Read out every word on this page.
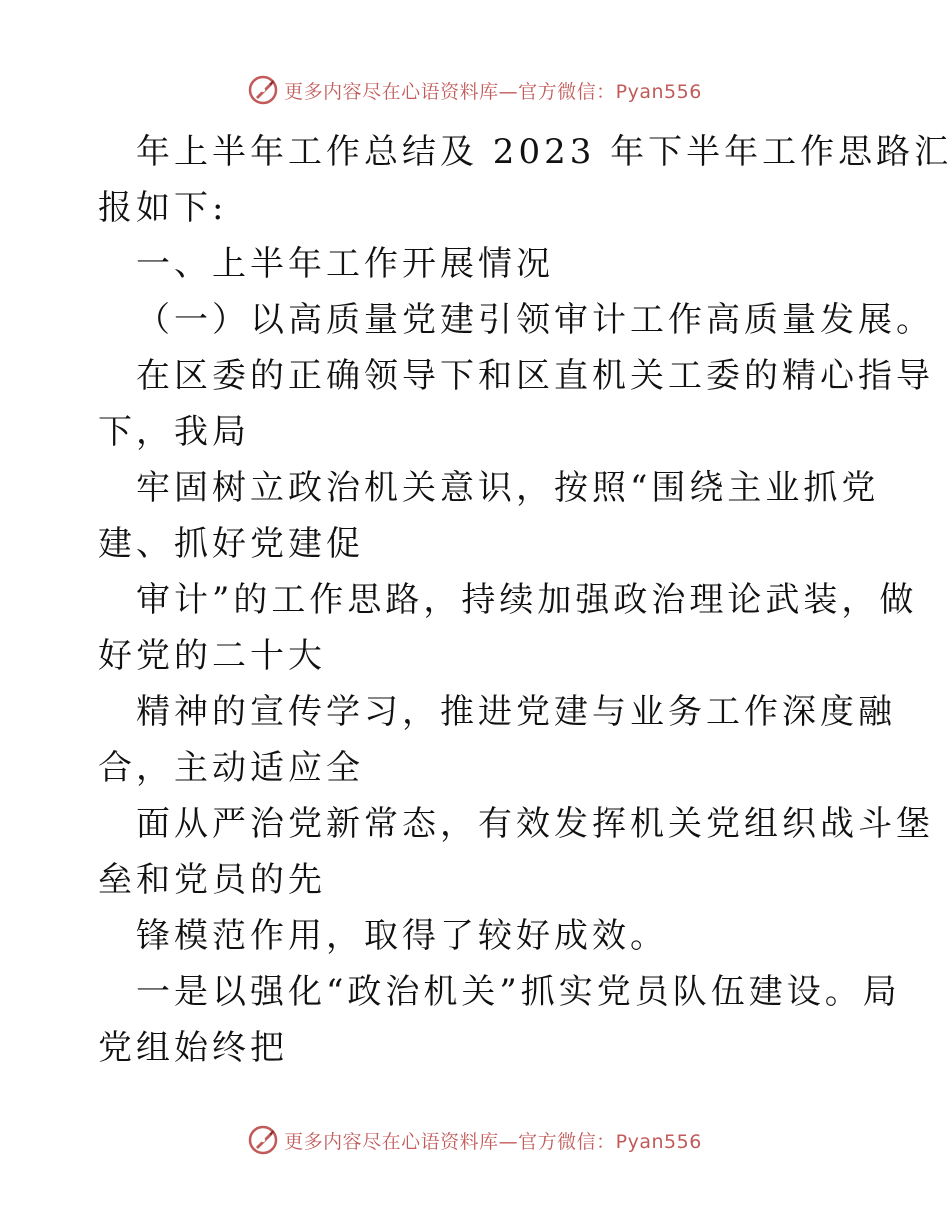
更多内容尽在心语资料库—官方微信：Pyan556
年上半年工作总结及 2023 年下半年工作思路汇
报如下:
一、上半年工作开展情况
（一）以高质量党建引领审计工作高质量发展。
在区委的正确领导下和区直机关工委的精心指导
下，我局
牢固树立政治机关意识，按照“围绕主业抓党
建、抓好党建促
审计”的工作思路，持续加强政治理论武装，做
好党的二十大
精神的宣传学习，推进党建与业务工作深度融
合，主动适应全
面从严治党新常态，有效发挥机关党组织战斗堡
垒和党员的先
锋模范作用，取得了较好成效。
一是以强化“政治机关”抓实党员队伍建设。局
党组始终把
更多内容尽在心语资料库—官方微信：Pyan556
